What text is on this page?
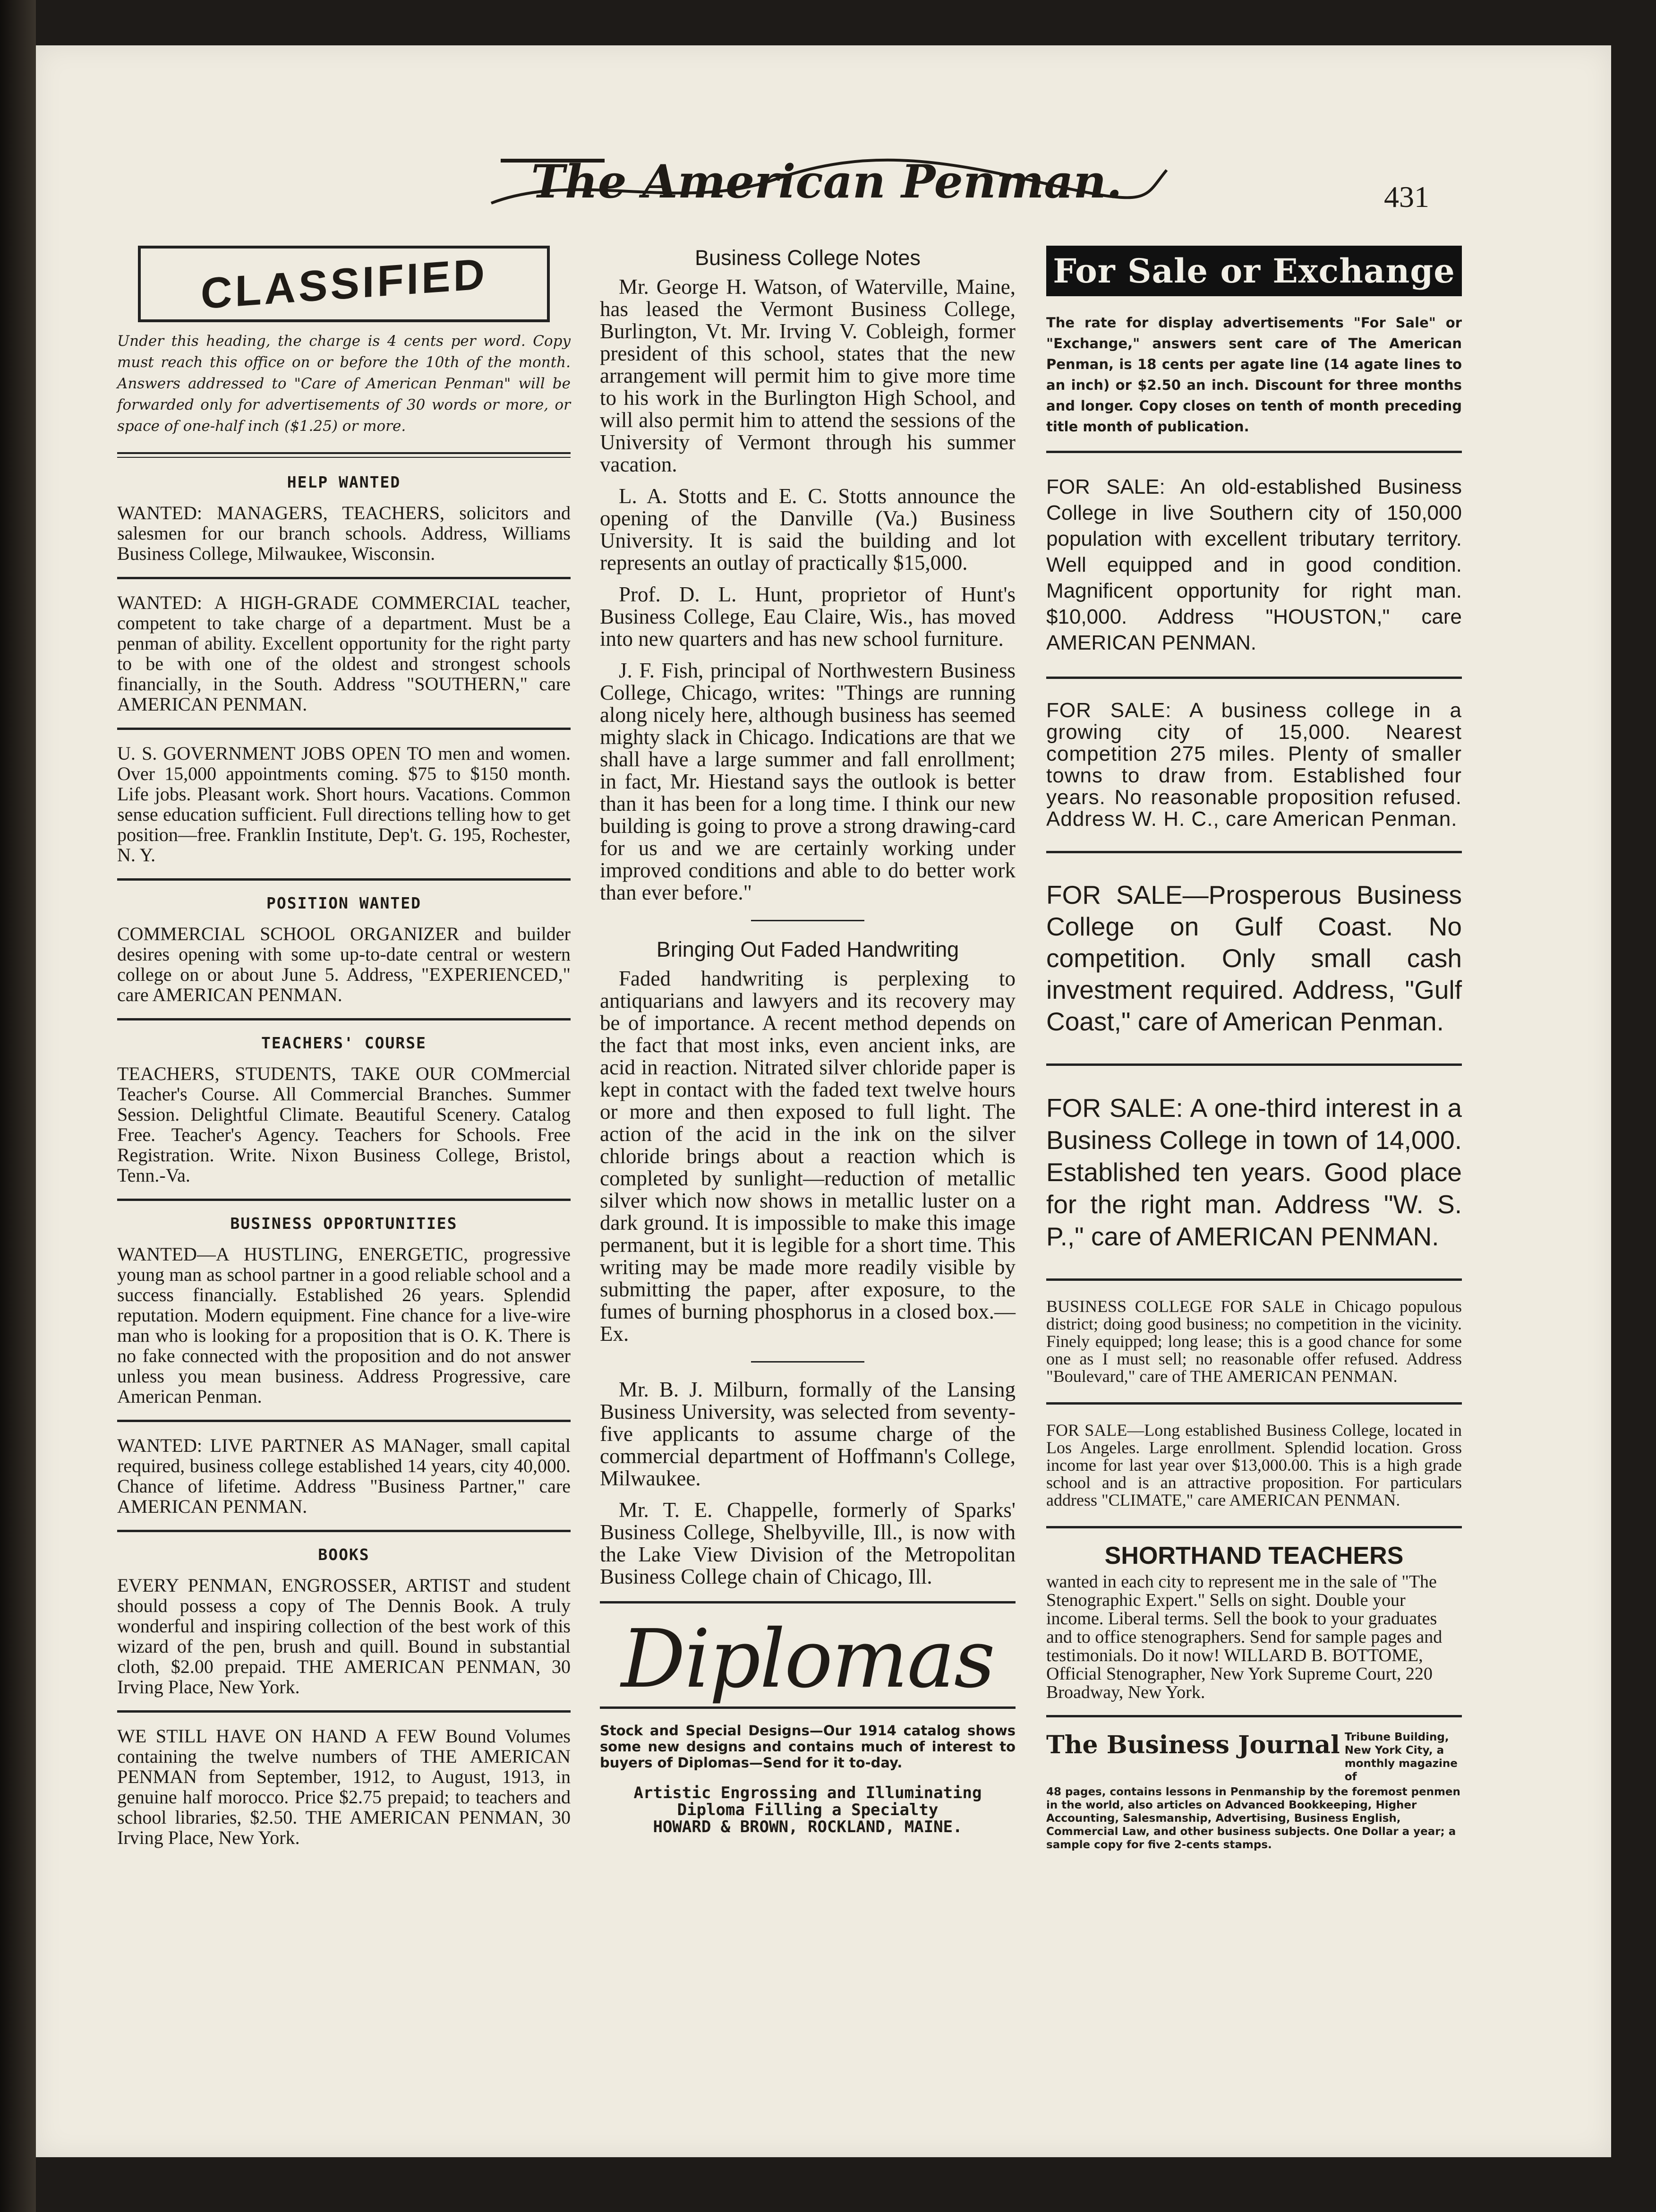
The American Penman.	431
CLASSIFIED
Under this heading, the charge is 4 cents per word. Copy must reach this office on or before the 10th of the month. Answers addressed to "Care of American Penman" will be forwarded only for advertisements of 30 words or more, or space of one-half inch ($1.25) or more.
HELP WANTED

WANTED: MANAGERS, TEACHERS, solicitors and salesmen for our branch schools. Address, Williams Business College, Milwaukee, Wisconsin.

WANTED: A HIGH-GRADE COMMERCIAL teacher, competent to take charge of a department. Must be a penman of ability. Excellent opportunity for the right party to be with one of the oldest and strongest schools financially, in the South. Address "SOUTHERN," care AMERICAN PENMAN.

U. S. GOVERNMENT JOBS OPEN TO men and women. Over 15,000 appointments coming. $75 to $150 month. Life jobs. Pleasant work. Short hours. Vacations. Common sense education sufficient. Full directions telling how to get position—free. Franklin Institute, Dep't. G. 195, Rochester, N. Y.

POSITION WANTED

COMMERCIAL SCHOOL ORGANIZER and builder desires opening with some up-to-date central or western college on or about June 5. Address, "EXPERIENCED," care AMERICAN PENMAN.

TEACHERS' COURSE

TEACHERS, STUDENTS, TAKE OUR COMmercial Teacher's Course. All Commercial Branches. Summer Session. Delightful Climate. Beautiful Scenery. Catalog Free. Teacher's Agency. Teachers for Schools. Free Registration. Write. Nixon Business College, Bristol, Tenn.-Va.

BUSINESS OPPORTUNITIES

WANTED—A HUSTLING, ENERGETIC, progressive young man as school partner in a good reliable school and a success financially. Established 26 years. Splendid reputation. Modern equipment. Fine chance for a live-wire man who is looking for a proposition that is O. K. There is no fake connected with the proposition and do not answer unless you mean business. Address Progressive, care American Penman.

WANTED: LIVE PARTNER AS MANager, small capital required, business college established 14 years, city 40,000. Chance of lifetime. Address "Business Partner," care AMERICAN PENMAN.

BOOKS

EVERY PENMAN, ENGROSSER, ARTIST and student should possess a copy of The Dennis Book. A truly wonderful and inspiring collection of the best work of this wizard of the pen, brush and quill. Bound in substantial cloth, $2.00 prepaid. THE AMERICAN PENMAN, 30 Irving Place, New York.

WE STILL HAVE ON HAND A FEW Bound Volumes containing the twelve numbers of THE AMERICAN PENMAN from September, 1912, to August, 1913, in genuine half morocco. Price $2.75 prepaid; to teachers and school libraries, $2.50. THE AMERICAN PENMAN, 30 Irving Place, New York.

Business College Notes

Mr. George H. Watson, of Waterville, Maine, has leased the Vermont Business College, Burlington, Vt. Mr. Irving V. Cobleigh, former president of this school, states that the new arrangement will permit him to give more time to his work in the Burlington High School, and will also permit him to attend the sessions of the University of Vermont through his summer vacation.

L. A. Stotts and E. C. Stotts announce the opening of the Danville (Va.) Business University. It is said the building and lot represents an outlay of practically $15,000.

Prof. D. L. Hunt, proprietor of Hunt's Business College, Eau Claire, Wis., has moved into new quarters and has new school furniture.

J. F. Fish, principal of Northwestern Business College, Chicago, writes: "Things are running along nicely here, although business has seemed mighty slack in Chicago. Indications are that we shall have a large summer and fall enrollment; in fact, Mr. Hiestand says the outlook is better than it has been for a long time. I think our new building is going to prove a strong drawing-card for us and we are certainly working under improved conditions and able to do better work than ever before."

Bringing Out Faded Handwriting

Faded handwriting is perplexing to antiquarians and lawyers and its recovery may be of importance. A recent method depends on the fact that most inks, even ancient inks, are acid in reaction. Nitrated silver chloride paper is kept in contact with the faded text twelve hours or more and then exposed to full light. The action of the acid in the ink on the silver chloride brings about a reaction which is completed by sunlight—reduction of metallic silver which now shows in metallic luster on a dark ground. It is impossible to make this image permanent, but it is legible for a short time. This writing may be made more readily visible by submitting the paper, after exposure, to the fumes of burning phosphorus in a closed box.—Ex.

Mr. B. J. Milburn, formally of the Lansing Business University, was selected from seventy-five applicants to assume charge of the commercial department of Hoffmann's College, Milwaukee.

Mr. T. E. Chappelle, formerly of Sparks' Business College, Shelbyville, Ill., is now with the Lake View Division of the Metropolitan Business College chain of Chicago, Ill.

Diplomas

Stock and Special Designs—Our 1914 catalog shows some new designs and contains much of interest to buyers of Diplomas—Send for it to-day.

Artistic Engrossing and Illuminating
Diploma Filling a Specialty
HOWARD & BROWN, ROCKLAND, MAINE.
For Sale or Exchange

The rate for display advertisements "For Sale" or "Exchange," answers sent care of The American Penman, is 18 cents per agate line (14 agate lines to an inch) or $2.50 an inch. Discount for three months and longer. Copy closes on tenth of month preceding title month of publication.

FOR SALE: An old-established Business College in live Southern city of 150,000 population with excellent tributary territory. Well equipped and in good condition. Magnificent opportunity for right man. $10,000. Address "HOUSTON," care AMERICAN PENMAN.

FOR SALE: A business college in a growing city of 15,000. Nearest competition 275 miles. Plenty of smaller towns to draw from. Established four years. No reasonable proposition refused. Address W. H. C., care American Penman.

FOR SALE—Prosperous Business College on Gulf Coast. No competition. Only small cash investment required. Address, "Gulf Coast," care of American Penman.

FOR SALE: A one-third interest in a Business College in town of 14,000. Established ten years. Good place for the right man. Address "W. S. P.," care of AMERICAN PENMAN.

BUSINESS COLLEGE FOR SALE in Chicago populous district; doing good business; no competition in the vicinity. Finely equipped; long lease; this is a good chance for some one as I must sell; no reasonable offer refused. Address "Boulevard," care of THE AMERICAN PENMAN.

FOR SALE—Long established Business College, located in Los Angeles. Large enrollment. Splendid location. Gross income for last year over $13,000.00. This is a high grade school and is an attractive proposition. For particulars address "CLIMATE," care AMERICAN PENMAN.

SHORTHAND TEACHERS

wanted in each city to represent me in the sale of "The Stenographic Expert." Sells on sight. Double your income. Liberal terms. Sell the book to your graduates and to office stenographers. Send for sample pages and testimonials. Do it now! WILLARD B. BOTTOME, Official Stenographer, New York Supreme Court, 220 Broadway, New York.

The Business Journal Tribune Building, New York City, a monthly magazine of

48 pages, contains lessons in Penmanship by the foremost penmen in the world, also articles on Advanced Bookkeeping, Higher Accounting, Salesmanship, Advertising, Business English, Commercial Law, and other business subjects. One Dollar a year; a sample copy for five 2-cents stamps.
